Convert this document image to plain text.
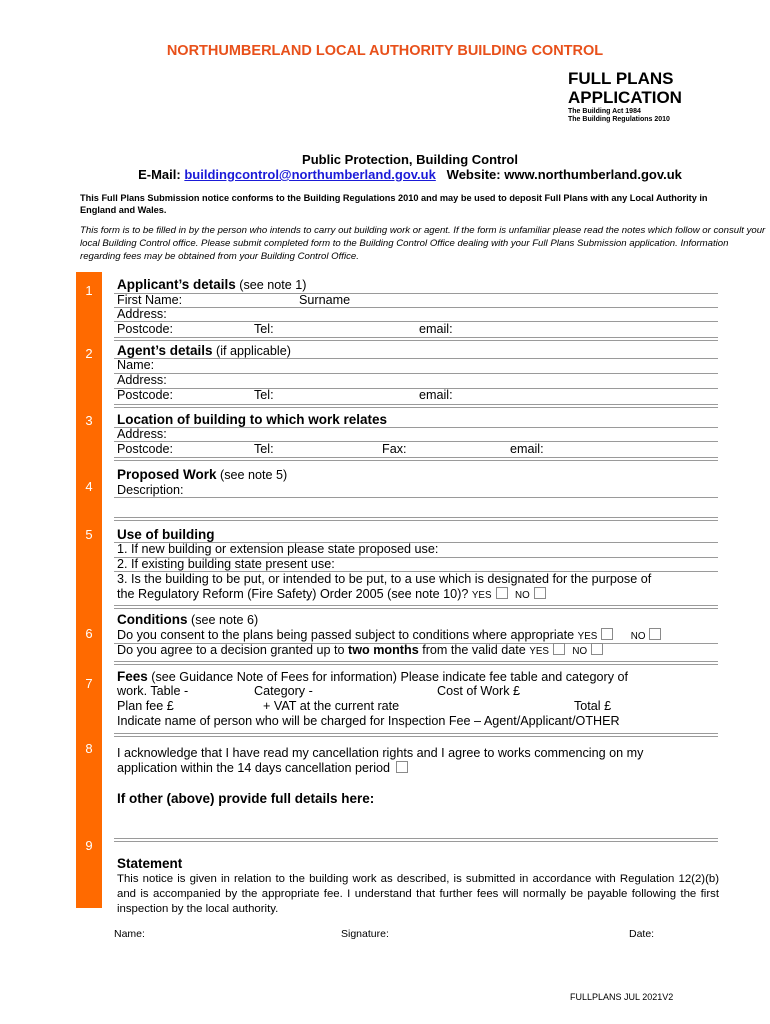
NORTHUMBERLAND LOCAL AUTHORITY BUILDING CONTROL
FULL PLANS
APPLICATION
The Building Act 1984
The Building Regulations 2010
Public Protection, Building Control
E-Mail: buildingcontrol@northumberland.gov.uk Website: www.northumberland.gov.uk
This Full Plans Submission notice conforms to the Building Regulations 2010 and may be used to deposit Full Plans with any Local Authority in England and Wales.
This form is to be filled in by the person who intends to carry out building work or agent. If the form is unfamiliar please read the notes which follow or consult your local Building Control office. Please submit completed form to the Building Control Office dealing with your Full Plans Submission application. Information regarding fees may be obtained from your Building Control Office.
1
2
3
4
5
6
7
8
9
Applicant’s details (see note 1)
First Name:	Surname
Address:
Postcode:	Tel:	email:
Agent’s details (if applicable)
Name:
Address:
Postcode:	Tel:	email:
Location of building to which work relates
Address:
Postcode:	Tel:	Fax:	email:
Proposed Work (see note 5)
Description:
Use of building
1. If new building or extension please state proposed use:
2. If existing building state present use:
3. Is the building to be put, or intended to be put, to a use which is designated for the purpose of
the Regulatory Reform (Fire Safety) Order 2005 (see note 10)? YES NO
Conditions (see note 6)
Do you consent to the plans being passed subject to conditions where appropriate YES	NO
Do you agree to a decision granted up to two months from the valid date YES NO
Fees (see Guidance Note of Fees for information) Please indicate fee table and category of
work. Table -	Category -	Cost of Work £
Plan fee £	+ VAT at the current rate	Total £
Indicate name of person who will be charged for Inspection Fee – Agent/Applicant/OTHER
I acknowledge that I have read my cancellation rights and I agree to works commencing on my
application within the 14 days cancellation period
If other (above) provide full details here:
Statement
This notice is given in relation to the building work as described, is submitted in accordance with Regulation 12(2)(b) and is accompanied by the appropriate fee. I understand that further fees will normally be payable following the first inspection by the local authority.
Name:	Signature:	Date:
FULLPLANS JUL 2021V2
